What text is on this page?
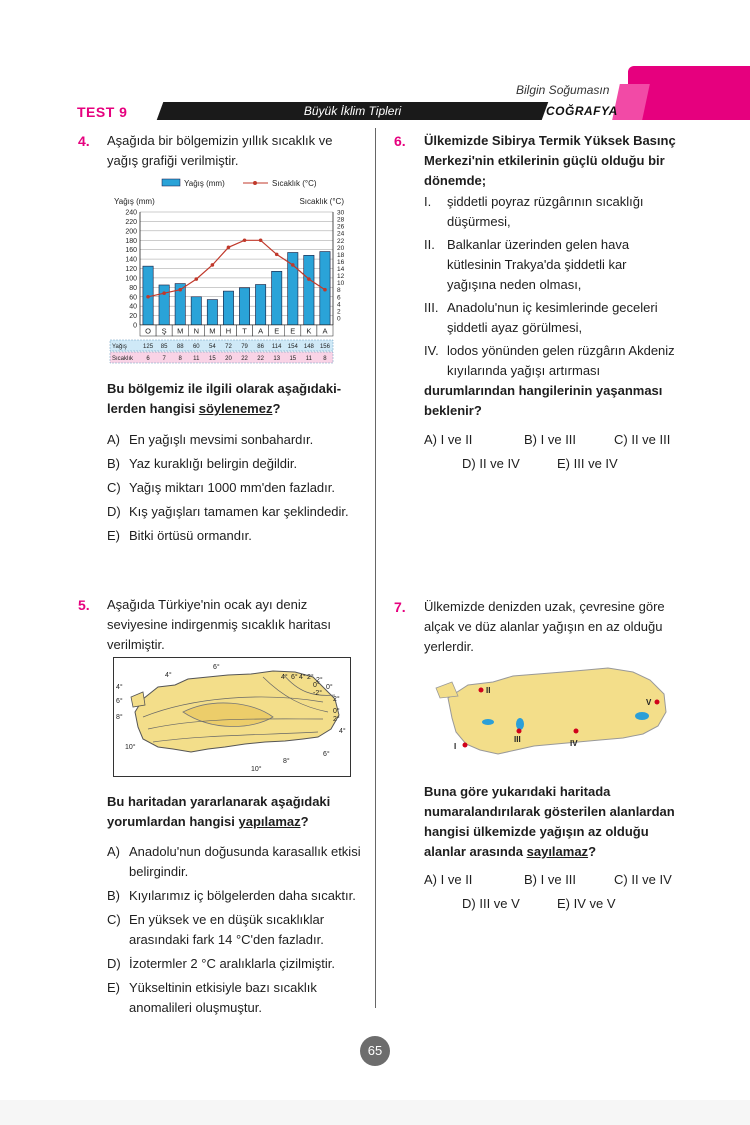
Bilgin Soğumasın
TEST 9	Büyük İklim Tipleri	COĞRAFYA
4. Aşağıda bir bölgemizin yıllık sıcaklık ve yağış grafiği verilmiştir.
Yağış (mm)	Sıcaklık (°C)
Yağış (mm)	Sıcaklık (°C)
0
20
40
60
80
100
120
140
160
180
200
220
240
0
2
4
6
8
10
12
14
16
18
20
22
24
26
28
30
O Ş M N M H T A E E K A
Yağış	125 85 88 60 54 72 79 86 114 154 148 156
Sıcaklık 6 7 8 11 15 20 22 22 13 15 11 8
Bu bölgemiz ile ilgili olarak aşağıdaki-lerden hangisi söylenemez?
A) En yağışlı mevsimi sonbahardır.
B) Yaz kuraklığı belirgin değildir.
C) Yağış miktarı 1000 mm'den fazladır.
D) Kış yağışları tamamen kar şeklindedir.
E) Bitki örtüsü ormandır.
5. Aşağıda Türkiye'nin ocak ayı deniz seviyesine indirgenmiş sıcaklık haritası verilmiştir.
4°
6°
4°
6°
8°
10°
10°
8°
6°
4°
2°
0°
2°
0°
2°
4° 6° 4° 2°
0°
-2°
Bu haritadan yararlanarak aşağıdaki yorumlardan hangisi yapılamaz?
A) Anadolu'nun doğusunda karasallık etkisi belirgindir.
B) Kıyılarımız iç bölgelerden daha sıcaktır.
C) En yüksek ve en düşük sıcaklıklar arasındaki fark 14 °C'den fazladır.
D) İzotermler 2 °C aralıklarla çizilmiştir.
E) Yükseltinin etkisiyle bazı sıcaklık anomalileri oluşmuştur.
6. Ülkemizde Sibirya Termik Yüksek Basınç Merkezi'nin etkilerinin güçlü olduğu bir dönemde;
I.	şiddetli poyraz rüzgârının sıcaklığı düşürmesi,
II. Balkanlar üzerinden gelen hava kütlesinin Trakya'da şiddetli kar yağışına neden olması,
III. Anadolu'nun iç kesimlerinde geceleri şiddetli ayaz görülmesi,
IV. lodos yönünden gelen rüzgârın Akdeniz kıyılarında yağışı artırması
durumlarından hangilerinin yaşanması beklenir?
A) I ve II	B) I ve III	C) II ve III
D) II ve IV	E) III ve IV
7. Ülkemizde denizden uzak, çevresine göre alçak ve düz alanlar yağışın en az olduğu yerlerdir.
I
II
III	IV
V
Buna göre yukarıdaki haritada numaralandırılarak gösterilen alanlardan hangisi ülkemizde yağışın az olduğu alanlar arasında sayılamaz?
A) I ve II	B) I ve III	C) II ve IV
D) III ve V	E) IV ve V
65
